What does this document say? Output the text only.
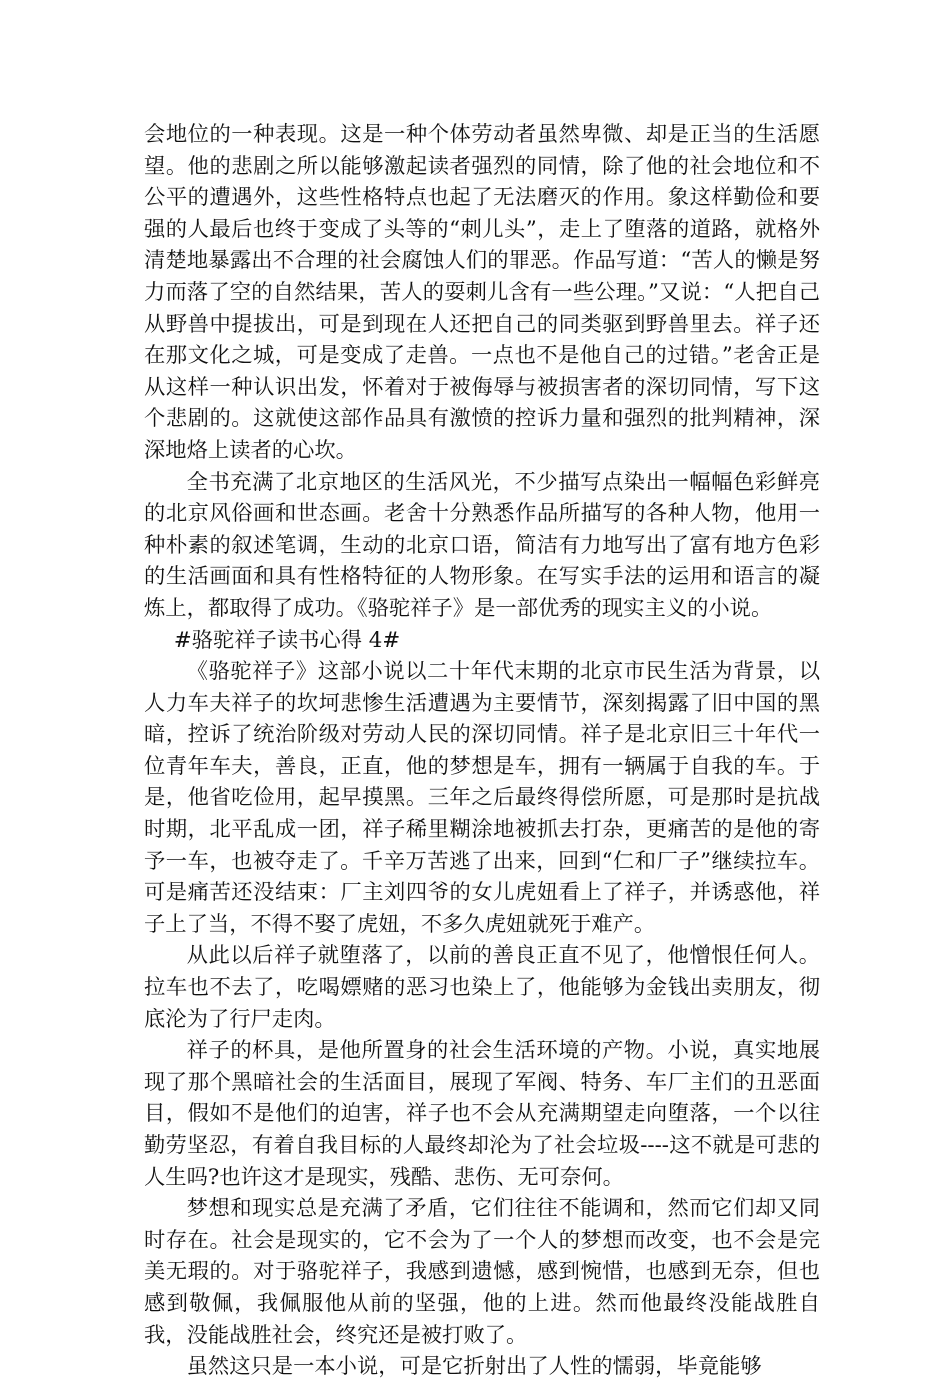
会地位的一种表现。这是一种个体劳动者虽然卑微、却是正当的生活愿望。他的悲剧之所以能够激起读者强烈的同情，除了他的社会地位和不公平的遭遇外，这些性格特点也起了无法磨灭的作用。象这样勤俭和要强的人最后也终于变成了头等的“刺儿头”，走上了堕落的道路，就格外清楚地暴露出不合理的社会腐蚀人们的罪恶。作品写道：“苦人的懒是努力而落了空的自然结果，苦人的耍刺儿含有一些公理。”又说：“人把自己从野兽中提拔出，可是到现在人还把自己的同类驱到野兽里去。祥子还在那文化之城，可是变成了走兽。一点也不是他自己的过错。”老舍正是从这样一种认识出发，怀着对于被侮辱与被损害者的深切同情，写下这个悲剧的。这就使这部作品具有激愤的控诉力量和强烈的批判精神，深深地烙上读者的心坎。

全书充满了北京地区的生活风光，不少描写点染出一幅幅色彩鲜亮的北京风俗画和世态画。老舍十分熟悉作品所描写的各种人物，他用一种朴素的叙述笔调，生动的北京口语，简洁有力地写出了富有地方色彩的生活画面和具有性格特征的人物形象。在写实手法的运用和语言的凝炼上，都取得了成功。《骆驼祥子》是一部优秀的现实主义的小说。

#骆驼祥子读书心得 4#

《骆驼祥子》这部小说以二十年代末期的北京市民生活为背景，以人力车夫祥子的坎坷悲惨生活遭遇为主要情节，深刻揭露了旧中国的黑暗，控诉了统治阶级对劳动人民的深切同情。祥子是北京旧三十年代一位青年车夫，善良，正直，他的梦想是车，拥有一辆属于自我的车。于是，他省吃俭用，起早摸黑。三年之后最终得偿所愿，可是那时是抗战时期，北平乱成一团，祥子稀里糊涂地被抓去打杂，更痛苦的是他的寄予一车，也被夺走了。千辛万苦逃了出来，回到“仁和厂子”继续拉车。可是痛苦还没结束：厂主刘四爷的女儿虎妞看上了祥子，并诱惑他，祥子上了当，不得不娶了虎妞，不多久虎妞就死于难产。

从此以后祥子就堕落了，以前的善良正直不见了，他憎恨任何人。拉车也不去了，吃喝嫖赌的恶习也染上了，他能够为金钱出卖朋友，彻底沦为了行尸走肉。

祥子的杯具，是他所置身的社会生活环境的产物。小说，真实地展现了那个黑暗社会的生活面目，展现了军阀、特务、车厂主们的丑恶面目，假如不是他们的迫害，祥子也不会从充满期望走向堕落，一个以往勤劳坚忍，有着自我目标的人最终却沦为了社会垃圾----这不就是可悲的人生吗?也许这才是现实，残酷、悲伤、无可奈何。

梦想和现实总是充满了矛盾，它们往往不能调和，然而它们却又同时存在。社会是现实的，它不会为了一个人的梦想而改变，也不会是完美无瑕的。对于骆驼祥子，我感到遗憾，感到惋惜，也感到无奈，但也感到敬佩，我佩服他从前的坚强，他的上进。然而他最终没能战胜自我，没能战胜社会，终究还是被打败了。

虽然这只是一本小说，可是它折射出了人性的懦弱，毕竟能够
